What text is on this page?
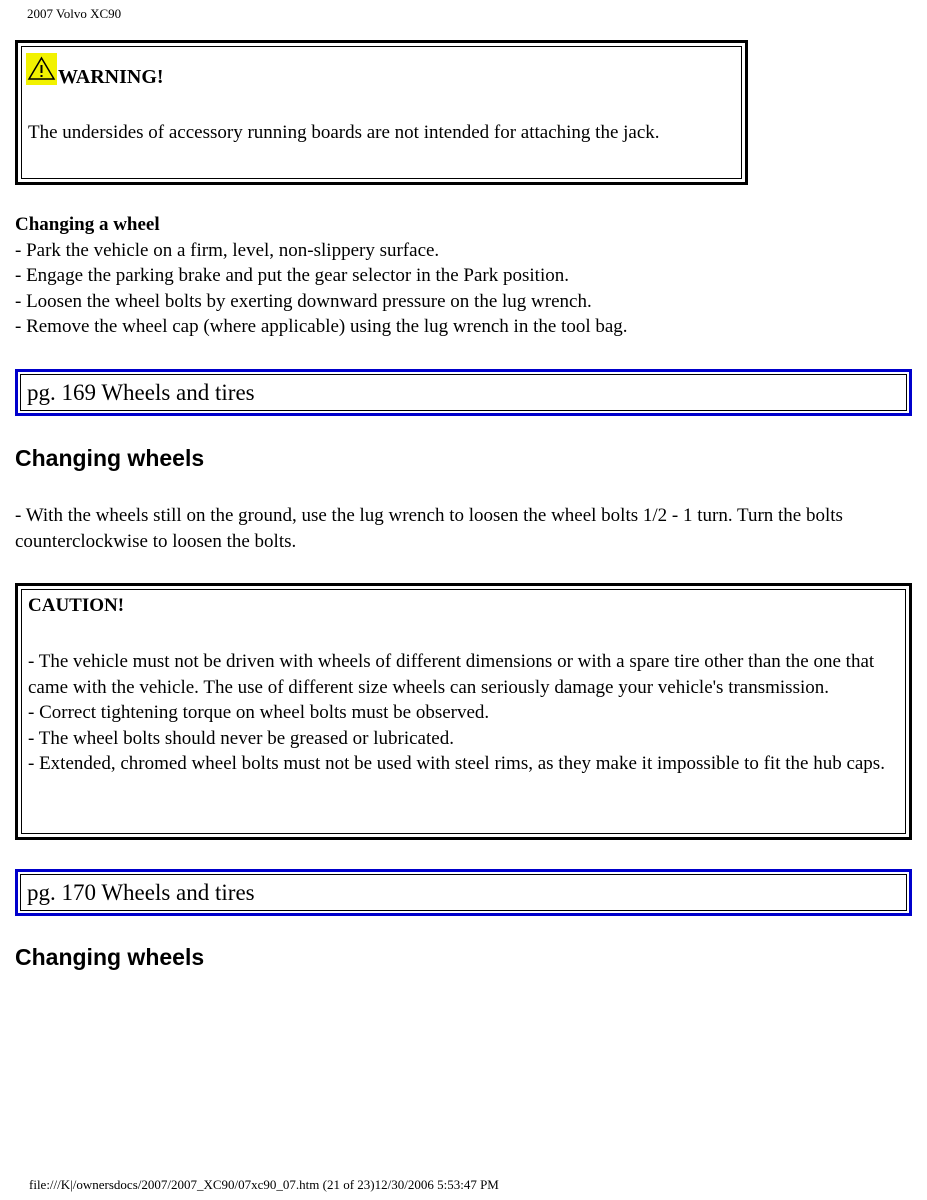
2007 Volvo XC90
WARNING!
The undersides of accessory running boards are not intended for attaching the jack.
Changing a wheel
- Park the vehicle on a firm, level, non-slippery surface.
- Engage the parking brake and put the gear selector in the Park position.
- Loosen the wheel bolts by exerting downward pressure on the lug wrench.
- Remove the wheel cap (where applicable) using the lug wrench in the tool bag.
pg. 169 Wheels and tires
Changing wheels
- With the wheels still on the ground, use the lug wrench to loosen the wheel bolts 1/2 - 1 turn. Turn the bolts counterclockwise to loosen the bolts.
CAUTION!
- The vehicle must not be driven with wheels of different dimensions or with a spare tire other than the one that came with the vehicle. The use of different size wheels can seriously damage your vehicle's transmission.
- Correct tightening torque on wheel bolts must be observed.
- The wheel bolts should never be greased or lubricated.
- Extended, chromed wheel bolts must not be used with steel rims, as they make it impossible to fit the hub caps.
pg. 170 Wheels and tires
Changing wheels
file:///K|/ownersdocs/2007/2007_XC90/07xc90_07.htm (21 of 23)12/30/2006 5:53:47 PM
